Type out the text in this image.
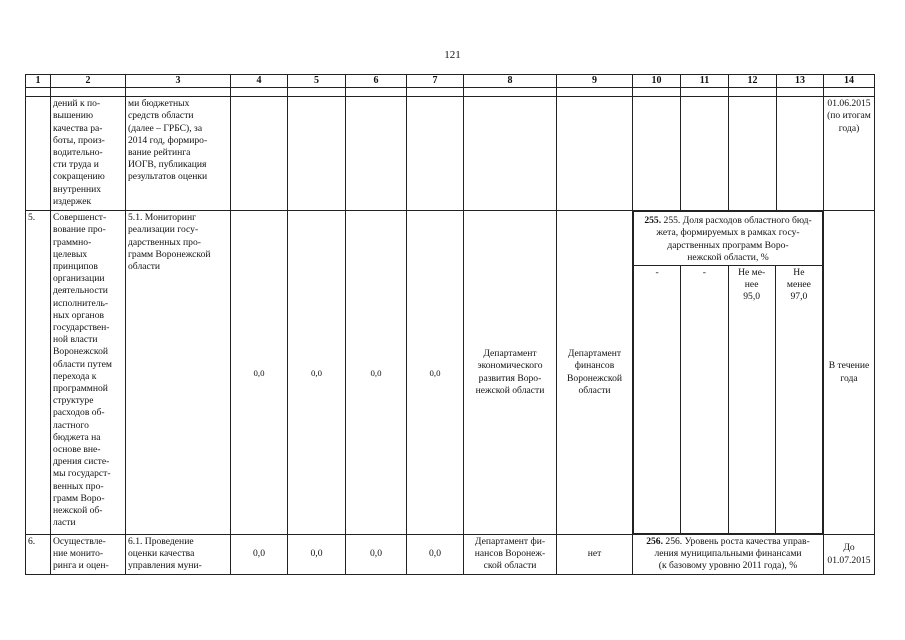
121
1	2	3	4	5	6	7	8	9	10	11	12	13	14

	дений к по-
вышению
качества ра-
боты, произ-
водительно-
сти труда и
сокращению
внутренних
издержек	ми бюджетных
средств области
(далее – ГРБС), за
2014 год, формиро-
вание рейтинга
ИОГВ, публикация
результатов оценки											01.06.2015
(по итогам
года)
5.	Совершенст-
вование про-
граммно-
целевых
принципов
организации
деятельности
исполнитель-
ных органов
государствен-
ной власти
Воронежской
области путем
перехода к
программной
структуре
расходов об-
ластного
бюджета на
основе вне-
дрения систе-
мы государст-
венных про-
грамм Воро-
нежской об-
ласти	5.1. Мониторинг
реализации госу-
дарственных про-
грамм Воронежской
области	0,0	0,0	0,0	0,0	Департамент
экономического
развития Воро-
нежской области	Департамент
финансов
Воронежской
области	
255. 255. Доля расходов областного бюд-
жета, формируемых в рамках госу-
дарственных программ Воро-
нежской области, %
-	-	Не ме-
нее
95,0	Не
менее
97,0
	В течение
года
6.	Осуществле-
ние монито-
ринга и оцен-	6.1. Проведение
оценки качества
управления муни-	0,0	0,0	0,0	0,0	Департамент фи-
нансов Воронеж-
ской области	нет	256. 256. Уровень роста качества управ-
ления муниципальными финансами
(к базовому уровню 2011 года), %	До
01.07.2015
